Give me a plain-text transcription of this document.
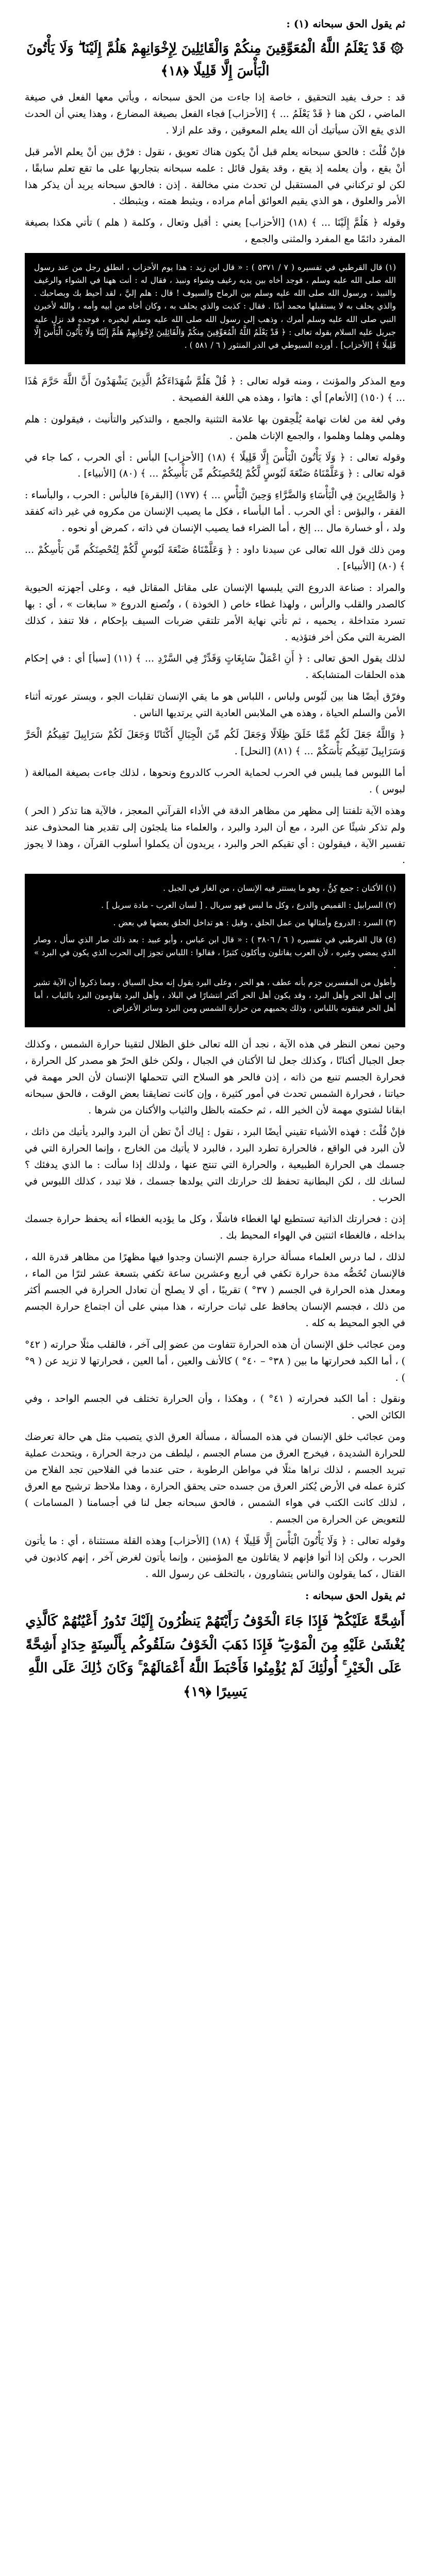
ثم يقول الحق سبحانه (١) :

۞ قَدْ يَعْلَمُ اللَّهُ الْمُعَوِّقِينَ مِنكُمْ وَالْقَائِلِينَ لِإِخْوَانِهِمْ هَلُمَّ إِلَيْنَا ۖ وَلَا يَأْتُونَ الْبَأْسَ إِلَّا قَلِيلًا ﴿١٨﴾

قد : حرف يفيد التحقيق ، خاصة إذا جاءت من الحق سبحانه ، ويأتي معها الفعل في صيغة الماضي ، لكن هنا ﴿ قَدْ يَعْلَمُ ... ﴾ [الأحزاب] فجاء الفعل بصيغة المضارع ، وهذا يعني أن الحدث الذي يقع الآن سيأتيك أن الله يعلم المعوقين ، وقد علم ازلا .

فإنْ قُلْتَ : فالحق سبحانه يعلم قبل أنْ يكون هناك تعويق ، نقول : فرْق بين أنْ يعلم الأمر قبل أنْ يقع ، وأن يعلمه إذ يقع ، وقد يقول قائل : علمه سبحانه بتجاربها على ما تقع تعلم سابقًا ، لكن لو تركناني في المستقبل لن تحدث مني مخالفة . إذن : فالحق سبحانه يريد أن يذكر هذا الأمر والعلوق ، هو الذي يقيم العوائق أمام مراده ، ويثبط همته ، ويثبطك .

وقوله ﴿ هَلُمَّ إِلَيْنَا ... ﴾ (١٨) [الأحزاب] يعني : أقبل وتعال ، وكلمة ( هلم ) تأتي هكذا بصيغة المفرد دائمًا مع المفرد والمثنى والجمع ،

(١) قال القرطبي في تفسيره ( ٧ / ٥٣٧١ ) : « قال ابن زيد : هذا يوم الأحزاب ، انطلق رجل من عند رسول الله صلى الله عليه وسلم ، فوجد أخاه بين يديه رغيف وشواء ونبيذ ، فقال له : أنت ههنا في الشواء والرغيف والنبيذ ، ورسول الله صلى الله عليه وسلم بين الرماح والسيوف ! قال : هلم إليَّ ، لقد أحيط بك وبصاحبك . والذي يحلف به لا يستقبلها محمد أبدًا . فقال : كذبت والذي يحلف به ، وكان أخاه من أبيه وأمه ، والله لأخبرن النبي صلى الله عليه وسلم أمرك ، وذهب إلى رسول الله صلى الله عليه وسلم ليخبره ، فوجده قد نزل عليه جبريل عليه السلام بقوله تعالى : ﴿ قَدْ يَعْلَمُ اللَّهُ الْمُعَوِّقِينَ مِنكُمْ وَالْقَائِلِينَ لِإِخْوَانِهِمْ هَلُمَّ إِلَيْنَا وَلَا يَأْتُونَ الْبَأْسَ إِلَّا قَلِيلًا ﴾ [الأحزاب] . أورده السيوطي في الدر المنثور ( ٦ / ٥٨١ ) .

ومع المذكر والمؤنث ، ومنه قوله تعالى : ﴿ قُلْ هَلُمَّ شُهَدَاءَكُمُ الَّذِينَ يَشْهَدُونَ أَنَّ اللَّهَ حَرَّمَ هَٰذَا ... ﴾ (١٥٠) [الأنعام] أي : هاتوا ، وهذه هي اللغة الفصيحة .

وفي لغة من لغات تهامة يُلْحِقون بها علامة التثنية والجمع ، والتذكير والتأنيث ، فيقولون : هلم وهلمي وهلما وهلموا ، والجمع الإناث هلمن .

وقوله تعالى : ﴿ وَلَا يَأْتُونَ الْبَأْسَ إِلَّا قَلِيلًا ﴾ (١٨) [الأحزاب] البأس : أي الحرب ، كما جاء في قوله تعالى : ﴿ وَعَلَّمْنَاهُ صَنْعَةَ لَبُوسٍ لَّكُمْ لِتُحْصِنَكُم مِّن بَأْسِكُمْ ... ﴾ (٨٠) [الأنبياء] .

﴿ وَالصَّابِرِينَ فِي الْبَأْسَاءِ وَالضَّرَّاءِ وَحِينَ الْبَأْسِ ... ﴾ (١٧٧) [البقرة] فالبأس : الحرب ، والبأساء : الفقر ، والبؤس : أي الحرب . أما البأساء ، فكل ما يصيب الإنسان من مكروه في غير ذاته كفقد ولد ، أو خسارة مال ... إلخ ، أما الضراء فما يصيب الإنسان في ذاته ، كمرض أو نحوه .

ومن ذلك قول الله تعالى عن سيدنا داود : ﴿ وَعَلَّمْنَاهُ صَنْعَةَ لَبُوسٍ لَّكُمْ لِتُحْصِنَكُم مِّن بَأْسِكُمْ ... ﴾ (٨٠) [الأنبياء] .

والمراد : صناعة الدروع التي يلبسها الإنسان على مقاتل المقاتل فيه ، وعلى أجهزته الحيوية كالصدر والقلب والرأس ، ولهذا غطاء خاص ( الخوذة ) ، وتُصنع الدروع « سابغات » ، أي : بها تسرد متداخلة ، يحميه ، ثم تأتي نهاية الأمر تلتقي ضربات السيف بإحكام ، فلا تنفذ ، كذلك الضربة التي مكن أخر فتؤذيه .

لذلك يقول الحق تعالى : ﴿ أَنِ اعْمَلْ سَابِغَاتٍ وَقَدِّرْ فِي السَّرْدِ ... ﴾ (١١) [سبأ] أي : في إحكام هذه الحلقات المتشابكة .

وفرّق أيضًا هنا بين لَبُوس ولباس ، اللباس هو ما يقي الإنسان تقلبات الجو ، ويستر عورته أثناء الأمن والسلم الحياة ، وهذه هي الملابس العادية التي يرتديها الناس .

﴿ وَاللَّهُ جَعَلَ لَكُم مِّمَّا خَلَقَ ظِلَالًا وَجَعَلَ لَكُم مِّنَ الْجِبَالِ أَكْنَانًا وَجَعَلَ لَكُمْ سَرَابِيلَ تَقِيكُمُ الْحَرَّ وَسَرَابِيلَ تَقِيكُم بَأْسَكُمْ ... ﴾ (٨١) [النحل] .

أما اللبوس فما يلبس في الحرب لحماية الحرب كالدروع ونحوها ، لذلك جاءت بصيغة المبالغة ( لبوس ) .

وهذه الآية تلفتنا إلى مظهر من مظاهر الدقة في الأداء القرآني المعجز ، فالآية هنا تذكر ( الحر ) ولم تذكر شيئًا عن البرد ، مع أن البرد والبرد ، والعلماء منا يلجئون إلى تقدير هنا المحذوف عند تفسير الآية ، فيقولون : أي تقيكم الحر والبرد ، يريدون أن يكملوا أسلوب القرآن ، وهذا لا يجوز .

(١) الأكنان : جمع كِنٌّ ، وهو ما يستتر فيه الإنسان ، من الغار في الجبل .

(٢) السرابيل : القميص والدرع ، وكل ما لبس فهو سربال . [ لسان العرب - مادة سربل ] .

(٣) السرد : الدروع وأمثالها من عمل الحلق ، وقيل : هو تداخل الحلق بعضها في بعض .

(٤) قال القرطبي في تفسيره ( ٦ / ٣٨٠٦ ) : « قال ابن عباس ، وأبو عبيد : بعد ذلك صار الذي سأل ، وصار الذي يمضي وغيره ، لأن العرب يقاتلون ويأكلون كثيرًا ، فقالوا : اللباس تجوز إلى الحرب الذي يكون في البرد » .

وأطول من المفسرين جزم بأنه عطف ، هو الحر ، وعلى البرد يقول إنه محل السياق ، ومما ذكروا أن الآية تشير إلى أهل الحر وأهل البرد ، وقد يكون أهل الحر أكثر انتشارًا في البلاد ، وأهل البرد يقاومون البرد بالثياب ، أما أهل الحر فيتقونه باللباس ، وذلك يحميهم من حرارة الشمس ومن البرد وسائر الأعراض .

وحين نمعن النظر في هذه الآية ، نجد أن الله تعالى خلق الظلال لتقينا حرارة الشمس ، وكذلك جعل الجبال أكنانًا ، وكذلك جعل لنا الأكنان في الجبال ، ولكن خلق الحرّ هو مصدر كل الحرارة ، فحرارة الجسم تنبع من ذاته ، إذن فالحر هو السلاح التي تتحملها الإنسان لأن الحر مهمة في حياتنا ، فحرارة الشمس تحدث في أمور كثيرة ، وإن كانت تضايقنا بعض الوقت ، فالحق سبحانه ابقانا لشتوي مهمة لأن الخير الله ، ثم حكمته بالظل والثياب والأكنان من شرها .

فإنْ قُلْتَ : فهذه الأشياء تقيني أيضًا البرد ، نقول : إياك أنْ تظن أن البرد والبرد يأتيك من ذاتك ، لأن البرد في الواقع ، فالحرارة تطرد البرد ، فالبرد لا يأتيك من الخارج ، وإنما الحرارة التي في جسمك هي الحرارة الطبيعية ، والحرارة التي تنتج عنها ، ولذلك إذا سألت : ما الذي يدفئك ؟ لسانك لك ، لكن البطانية تحفظ لك حرارتك التي يولدها جسمك ، فلا تبدد ، كذلك اللبوس في الحرب .

إذن : فحرارتك الذاتية تستطيع لها الغطاء فاشلًا ، وكل ما يؤديه الغطاء أنه يحفظ حرارة جسمك بداخله ، فالغطاء اثنتين في الهواء المحيط بك .

لذلك ، لما درس العلماء مسألة حرارة جسم الإنسان وجدوا فيها مظهرًا من مظاهر قدرة الله ، فالإنسان تُخَصُّه مدة حرارة تكفي في أربع وعشرين ساعة تكفي بتسعة عشر لترًا من الماء ، ومعدل هذه الحرارة في الجسم ( ٣٧° ) تقريبًا ، أي لا يصلح أن تعادل الحرارة في الجسم أكثر من ذلك ، فجسم الإنسان يحافظ على ثبات حرارته ، هذا مبني على أن اجتماع حرارة الجسم في الجو المحيط به كله .

ومن عجائب خلق الإنسان أن هذه الحرارة تتفاوت من عضو إلى آخر ، فالقلب مثلًا حرارته ( ٤٢° ) ، أما الكبد فحرارتها ما بين ( ٣٨° – ٤٠° ) كالأنف والعين ، أما العين ، فحرارتها لا تزيد عن ( ٩° ) .

ونقول : أما الكبد فحرارته ( ٤١° ) ، وهكذا ، وأن الحرارة تختلف في الجسم الواحد ، وفي الكائن الحي .

ومن عجائب خلق الإنسان في هذه المسألة ، مسألة العرق الذي يتصبب مثل هي حالة تعرضك للحرارة الشديدة ، فيخرج العرق من مسام الجسم ، ليلطف من درجة الحرارة ، ويتحدث عملية تبريد الجسم ، لذلك نراها مثلًا في مواطن الرطوبة ، حتى عندما في الفلاحين تجد الفلاح من كثرة عمله في الأرض يُكثر العرق من جسده حتى يحقق الحرارة ، وهذا ملاحظ ترشيح مع العرق ، لذلك كانت الكتب في هواء الشمس ، فالحق سبحانه جعل لنا في أجسامنا ( المسامات ) للتعويض عن الحرارة من الجسم .

وقوله تعالى : ﴿ وَلَا يَأْتُونَ الْبَأْسَ إِلَّا قَلِيلًا ﴾ (١٨) [الأحزاب] وهذه القلة مستثناة ، أي : ما يأتون الحرب ، ولكن إذا أتوا فإنهم لا يقاتلون مع المؤمنين ، وإنما يأتون لغرض آخر ، إنهم كاذبون في القتال ، كما يقولون والناس يتشاورون ، بالتخلف عن رسول الله .

ثم يقول الحق سبحانه :

أَشِحَّةً عَلَيْكُمْ ۖ فَإِذَا جَاءَ الْخَوْفُ رَأَيْتَهُمْ يَنظُرُونَ إِلَيْكَ تَدُورُ أَعْيُنُهُمْ كَالَّذِي يُغْشَىٰ عَلَيْهِ مِنَ الْمَوْتِ ۖ فَإِذَا ذَهَبَ الْخَوْفُ سَلَقُوكُم بِأَلْسِنَةٍ حِدَادٍ أَشِحَّةً عَلَى الْخَيْرِ ۚ أُولَٰئِكَ لَمْ يُؤْمِنُوا فَأَحْبَطَ اللَّهُ أَعْمَالَهُمْ ۚ وَكَانَ ذَٰلِكَ عَلَى اللَّهِ يَسِيرًا ﴿١٩﴾
